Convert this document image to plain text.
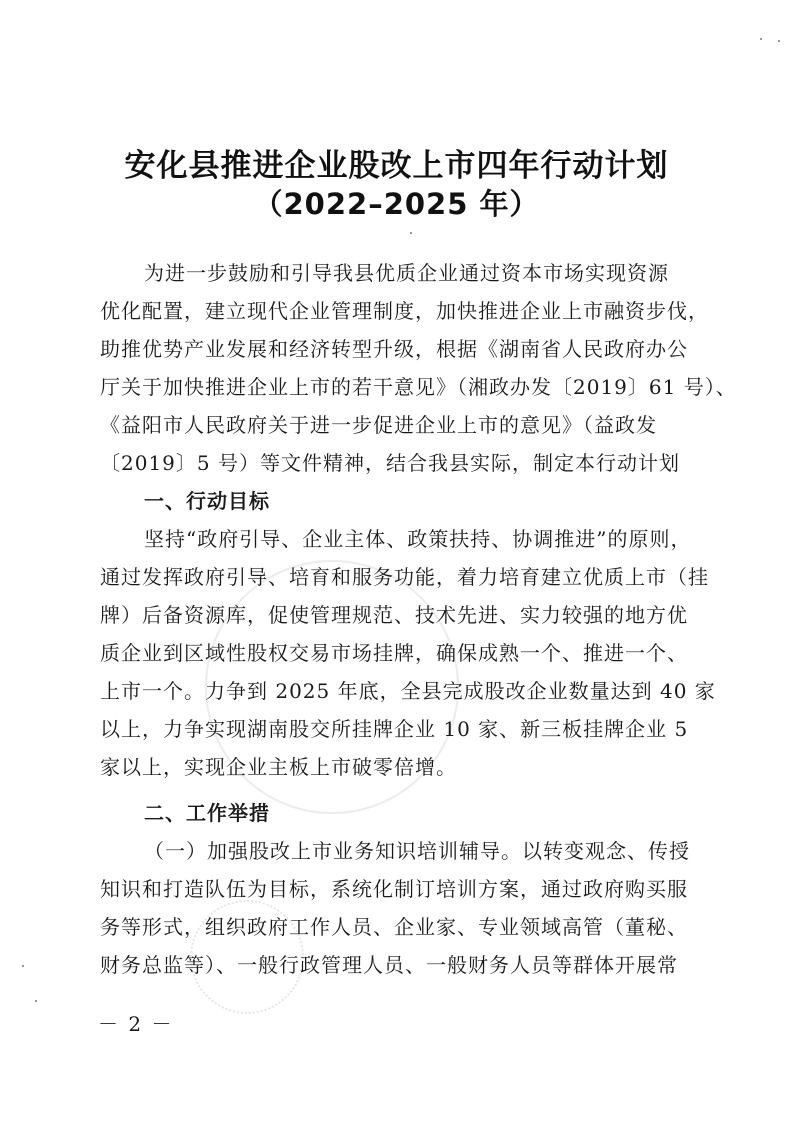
安化县推进企业股改上市四年行动计划
（2022–2025 年）
为进一步鼓励和引导我县优质企业通过资本市场实现资源
优化配置，建立现代企业管理制度，加快推进企业上市融资步伐，
助推优势产业发展和经济转型升级，根据《湖南省人民政府办公
厅关于加快推进企业上市的若干意见》（湘政办发〔2019〕61 号）、
《益阳市人民政府关于进一步促进企业上市的意见》（益政发
〔2019〕5 号）等文件精神，结合我县实际，制定本行动计划
一、行动目标
坚持“政府引导、企业主体、政策扶持、协调推进”的原则，
通过发挥政府引导、培育和服务功能，着力培育建立优质上市（挂
牌）后备资源库，促使管理规范、技术先进、实力较强的地方优
质企业到区域性股权交易市场挂牌，确保成熟一个、推进一个、
上市一个。力争到 2025 年底，全县完成股改企业数量达到 40 家
以上，力争实现湖南股交所挂牌企业 10 家、新三板挂牌企业 5
家以上，实现企业主板上市破零倍增。
二、工作举措
（一）加强股改上市业务知识培训辅导。以转变观念、传授
知识和打造队伍为目标，系统化制订培训方案，通过政府购买服
务等形式，组织政府工作人员、企业家、专业领域高管（董秘、
财务总监等）、一般行政管理人员、一般财务人员等群体开展常
－ 2 －
